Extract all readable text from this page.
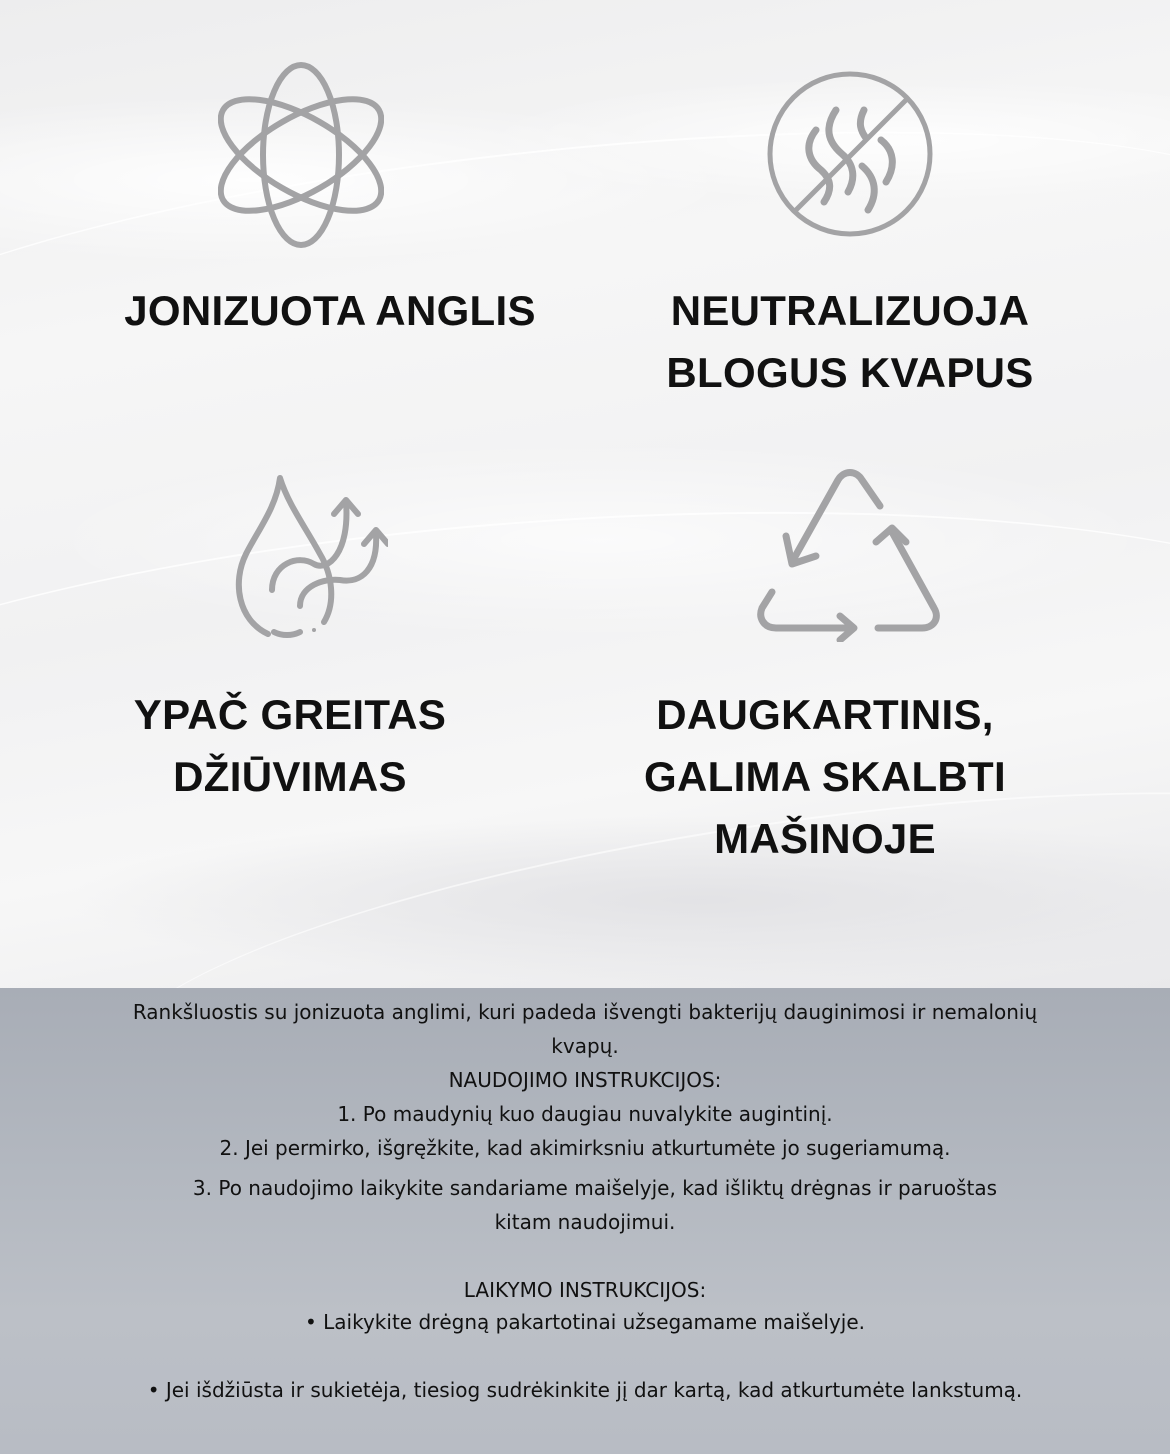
JONIZUOTA ANGLIS	NEUTRALIZUOJA
BLOGUS KVAPUS
YPAČ GREITAS
DŽIŪVIMAS
DAUGKARTINIS,
GALIMA SKALBTI
MAŠINOJE
Rankšluostis su jonizuota anglimi, kuri padeda išvengti bakterijų dauginimosi ir nemalonių
kvapų.
NAUDOJIMO INSTRUKCIJOS:
1. Po maudynių kuo daugiau nuvalykite augintinį.
2. Jei permirko, išgręžkite, kad akimirksniu atkurtumėte jo sugeriamumą.
3. Po naudojimo laikykite sandariame maišelyje, kad išliktų drėgnas ir paruoštas
kitam naudojimui.
LAIKYMO INSTRUKCIJOS:
• Laikykite drėgną pakartotinai užsegamame maišelyje.
• Jei išdžiūsta ir sukietėja, tiesiog sudrėkinkite jį dar kartą, kad atkurtumėte lankstumą.
